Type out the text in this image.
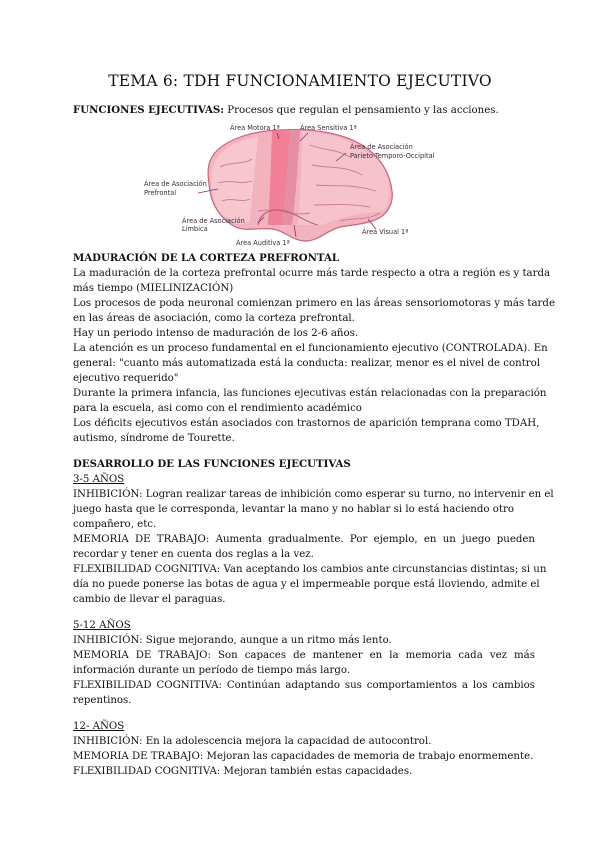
TEMA 6: TDH FUNCIONAMIENTO EJECUTIVO
FUNCIONES EJECUTIVAS: Procesos que regulan el pensamiento y las acciones.
Área Motora 1ª	Área Sensitiva 1ª
Área de Asociación
Parieto-Temporo-Occipital
Área de Asociación
Prefrontal
Área de Asociación
Límbica	Área Visual 1ª
Área Auditiva 1ª
MADURACIÓN DE LA CORTEZA PREFRONTAL
La maduración de la corteza prefrontal ocurre más tarde respecto a otra a región es y tarda
más tiempo (MIELINIZACIÓN)
Los procesos de poda neuronal comienzan primero en las áreas sensoriomotoras y más tarde
en las áreas de asociación, como la corteza prefrontal.
Hay un periodo intenso de maduración de los 2-6 años.
La atención es un proceso fundamental en el funcionamiento ejecutivo (CONTROLADA). En
general: "cuanto más automatizada está la conducta: realizar, menor es el nivel de control
ejecutivo requerido"
Durante la primera infancia, las funciones ejecutivas están relacionadas con la preparación
para la escuela, asi como con el rendimiento académico
Los déficits ejecutivos están asociados con trastornos de aparición temprana como TDAH,
autismo, síndrome de Tourette.
DESARROLLO DE LAS FUNCIONES EJECUTIVAS
3-5 AÑOS
INHIBICIÓN: Logran realizar tareas de inhibición como esperar su turno, no intervenir en el
juego hasta que le corresponda, levantar la mano y no hablar si lo está haciendo otro
compañero, etc.
MEMORIA DE TRABAJO: Aumenta gradualmente. Por ejemplo, en un juego pueden
recordar y tener en cuenta dos reglas a la vez.
FLEXIBILIDAD COGNITIVA: Van aceptando los cambios ante circunstancias distintas; si un
día no puede ponerse las botas de agua y el impermeable porque está lloviendo, admite el
cambio de llevar el paraguas.
5-12 AÑOS
INHIBICIÓN: Sigue mejorando, aunque a un ritmo más lento.
MEMORIA DE TRABAJO: Son capaces de mantener en la memoria cada vez más
información durante un período de tiempo más largo.
FLEXIBILIDAD COGNITIVA: Continúan adaptando sus comportamientos a los cambios
repentinos.
12- AÑOS
INHIBICIÓN: En la adolescencia mejora la capacidad de autocontrol.
MEMORIA DE TRABAJO: Mejoran las capacidades de memoria de trabajo enormemente.
FLEXIBILIDAD COGNITIVA: Mejoran también estas capacidades.
